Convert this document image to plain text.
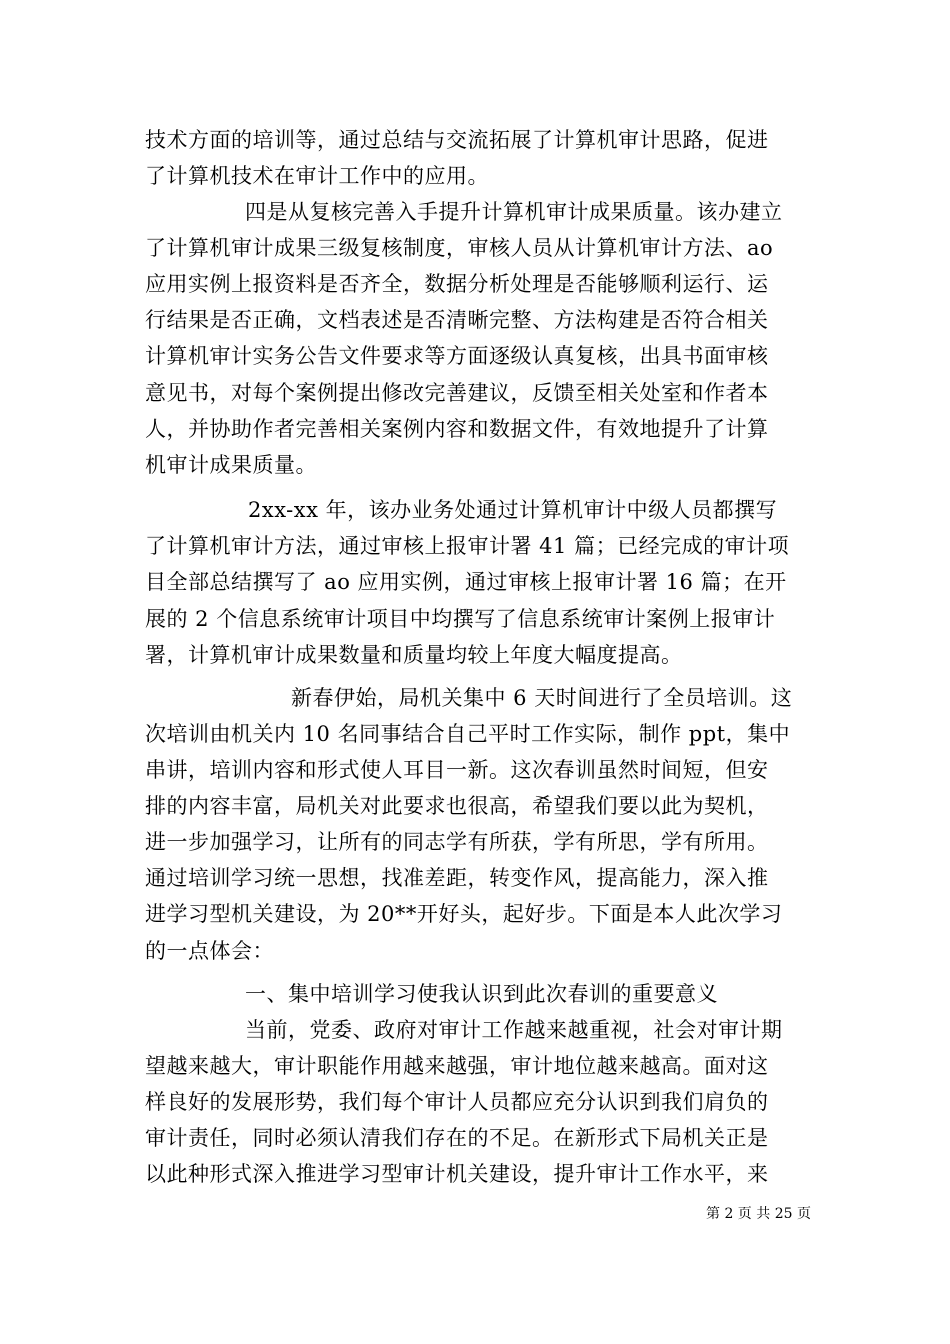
技术方面的培训等，通过总结与交流拓展了计算机审计思路，促进
了计算机技术在审计工作中的应用。
四是从复核完善入手提升计算机审计成果质量。该办建立
了计算机审计成果三级复核制度，审核人员从计算机审计方法、ao
应用实例上报资料是否齐全，数据分析处理是否能够顺利运行、运
行结果是否正确，文档表述是否清晰完整、方法构建是否符合相关
计算机审计实务公告文件要求等方面逐级认真复核，出具书面审核
意见书，对每个案例提出修改完善建议，反馈至相关处室和作者本
人，并协助作者完善相关案例内容和数据文件，有效地提升了计算
机审计成果质量。
2xx-xx 年，该办业务处通过计算机审计中级人员都撰写
了计算机审计方法，通过审核上报审计署 41 篇；已经完成的审计项
目全部总结撰写了 ao 应用实例，通过审核上报审计署 16 篇；在开
展的 2 个信息系统审计项目中均撰写了信息系统审计案例上报审计
署，计算机审计成果数量和质量均较上年度大幅度提高。
新春伊始，局机关集中 6 天时间进行了全员培训。这
次培训由机关内 10 名同事结合自己平时工作实际，制作 ppt，集中
串讲，培训内容和形式使人耳目一新。这次春训虽然时间短，但安
排的内容丰富，局机关对此要求也很高，希望我们要以此为契机，
进一步加强学习，让所有的同志学有所获，学有所思，学有所用。
通过培训学习统一思想，找准差距，转变作风，提高能力，深入推
进学习型机关建设，为 20**开好头，起好步。下面是本人此次学习
的一点体会：
一、集中培训学习使我认识到此次春训的重要意义
当前，党委、政府对审计工作越来越重视，社会对审计期
望越来越大，审计职能作用越来越强，审计地位越来越高。面对这
样良好的发展形势，我们每个审计人员都应充分认识到我们肩负的
审计责任，同时必须认清我们存在的不足。在新形式下局机关正是
以此种形式深入推进学习型审计机关建设，提升审计工作水平，来
第 2 页 共 25 页
